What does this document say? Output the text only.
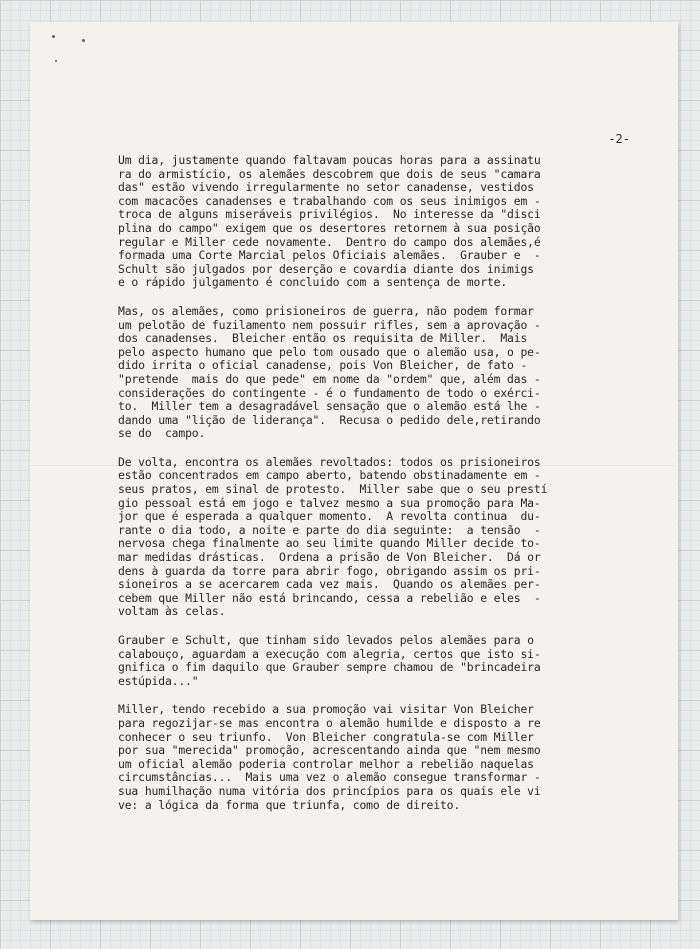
-2-
Um dia, justamente quando faltavam poucas horas para a assinatu
ra do armistício, os alemães descobrem que dois de seus "camara
das" estão vivendo irregularmente no setor canadense, vestidos
com macacões canadenses e trabalhando com os seus inimigos em -
troca de alguns miseráveis privilégios.  No interesse da "disci
plina do campo" exigem que os desertores retornem à sua posição
regular e Miller cede novamente.  Dentro do campo dos alemães,é
formada uma Corte Marcial pelos Oficiais alemães.  Grauber e  -
Schult são julgados por deserção e covardia diante dos inimigs
e o rápido julgamento é concluido com a sentença de morte.
Mas, os alemães, como prisioneiros de guerra, não podem formar
um pelotão de fuzilamento nem possuir rifles, sem a aprovação -
dos canadenses.  Bleicher então os requisita de Miller.  Mais
pelo aspecto humano que pelo tom ousado que o alemão usa, o pe-
dido irrita o oficial canadense, pois Von Bleicher, de fato -
"pretende  mais do que pede" em nome da "ordem" que, além das -
considerações do contingente - é o fundamento de todo o exérci-
to.  Miller tem a desagradável sensação que o alemão está lhe -
dando uma "lição de liderança".  Recusa o pedido dele,retirando
se do  campo.
De volta, encontra os alemães revoltados: todos os prisioneiros
estão concentrados em campo aberto, batendo obstinadamente em -
seus pratos, em sinal de protesto.  Miller sabe que o seu prestí
gio pessoal está em jogo e talvez mesmo a sua promoção para Ma-
jor que é esperada a qualquer momento.  A revolta continua  du-
rante o dia todo, a noite e parte do dia seguinte:  a tensão  -
nervosa chega finalmente ao seu limite quando Miller decide to-
mar medidas drásticas.  Ordena a prisão de Von Bleicher.  Dá or
dens à guarda da torre para abrir fogo, obrigando assim os pri-
sioneiros a se acercarem cada vez mais.  Quando os alemães per-
cebem que Miller não está brincando, cessa a rebelião e eles  -
voltam às celas.
Grauber e Schult, que tinham sido levados pelos alemães para o
calabouço, aguardam a execução com alegria, certos que isto si-
gnifica o fim daquilo que Grauber sempre chamou de "brincadeira
estúpida..."
Miller, tendo recebido a sua promoção vai visitar Von Bleicher
para regozijar-se mas encontra o alemão humilde e disposto a re
conhecer o seu triunfo.  Von Bleicher congratula-se com Miller
por sua "merecida" promoção, acrescentando ainda que "nem mesmo
um oficial alemão poderia controlar melhor a rebelião naquelas
circumstâncias...  Mais uma vez o alemão consegue transformar -
sua humilhação numa vitória dos princípios para os quais ele vi
ve: a lógica da forma que triunfa, como de direito.
